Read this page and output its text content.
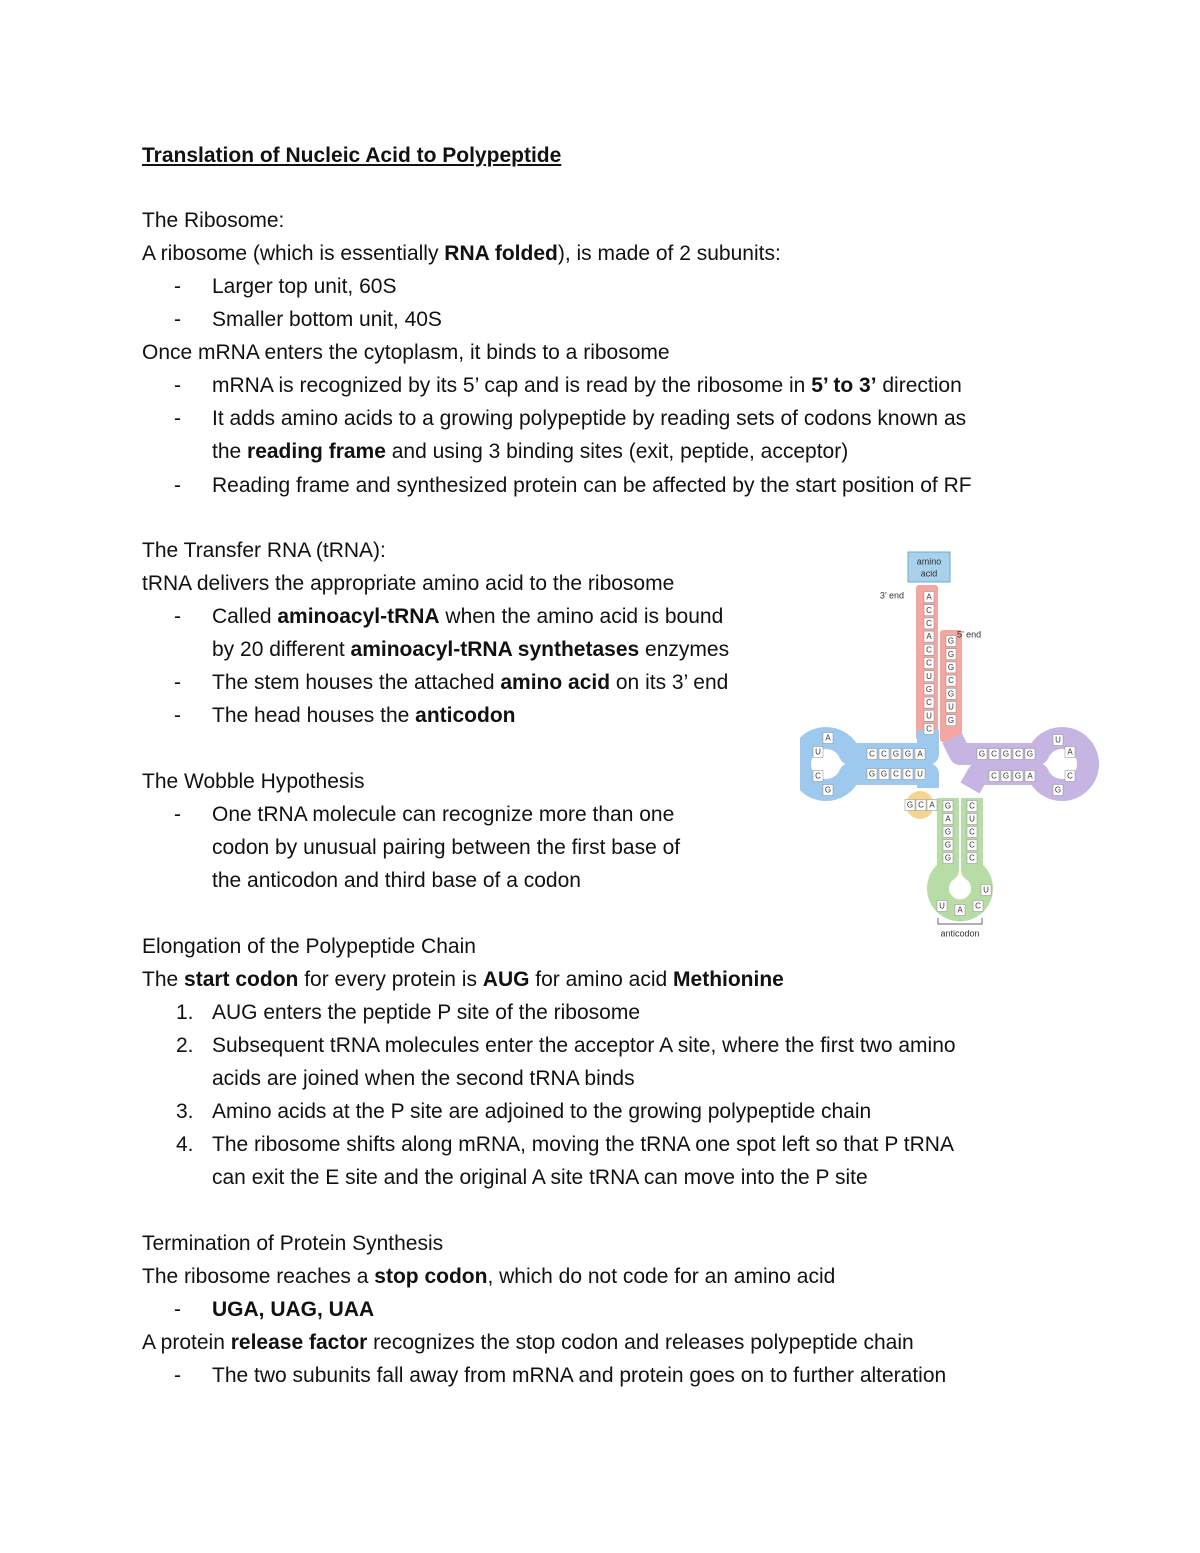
Translation of Nucleic Acid to Polypeptide
The Ribosome:
A ribosome (which is essentially RNA folded), is made of 2 subunits:
- Larger top unit, 60S
- Smaller bottom unit, 40S
Once mRNA enters the cytoplasm, it binds to a ribosome
- mRNA is recognized by its 5’ cap and is read by the ribosome in 5’ to 3’ direction
- It adds amino acids to a growing polypeptide by reading sets of codons known as
the reading frame and using 3 binding sites (exit, peptide, acceptor)
- Reading frame and synthesized protein can be affected by the start position of RF
The Transfer RNA (tRNA):
tRNA delivers the appropriate amino acid to the ribosome
- Called aminoacyl-tRNA when the amino acid is bound
by 20 different aminoacyl-tRNA synthetases enzymes
- The stem houses the attached amino acid on its 3’ end
- The head houses the anticodon
The Wobble Hypothesis
- One tRNA molecule can recognize more than one
codon by unusual pairing between the first base of
the anticodon and third base of a codon
Elongation of the Polypeptide Chain
The start codon for every protein is AUG for amino acid Methionine
1. AUG enters the peptide P site of the ribosome
2. Subsequent tRNA molecules enter the acceptor A site, where the first two amino
acids are joined when the second tRNA binds
3. Amino acids at the P site are adjoined to the growing polypeptide chain
4. The ribosome shifts along mRNA, moving the tRNA one spot left so that P tRNA
can exit the E site and the original A site tRNA can move into the P site
Termination of Protein Synthesis
The ribosome reaches a stop codon, which do not code for an amino acid
- UGA, UAG, UAA
A protein release factor recognizes the stop codon and releases polypeptide chain
- The two subunits fall away from mRNA and protein goes on to further alteration
amino
acid
3’ end
5’ end
A
C
C
A
C
C
U
G
C
U
C
G
G
G
C
G
U
G
C C G G A
G G C C U
A
U
C
G
G C G C G
C G G A
U
A
C
G
G C A G
A
G
G
G
C
U
C
C
C
U
C
A
U
anticodon
